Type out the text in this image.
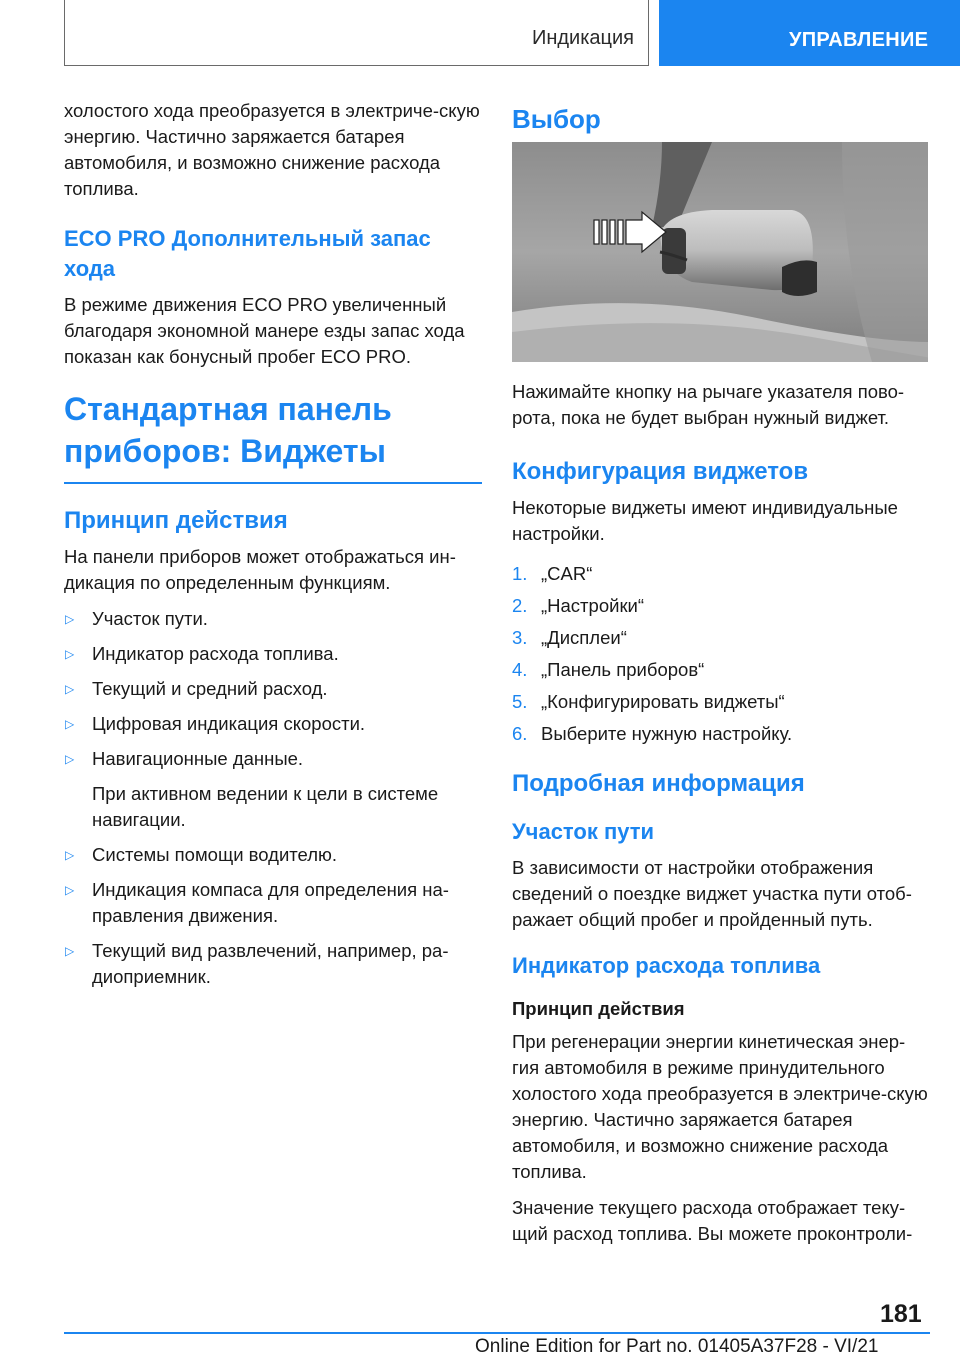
Индикация	УПРАВЛЕНИЕ

холостого хода преобразуется в электриче-скую энергию. Частично заряжается батарея автомобиля, и возможно снижение расхода топлива.

ECO PRO Дополнительный запас хода

В режиме движения ECO PRO увеличенный благодаря экономной манере езды запас хода показан как бонусный пробег ECO PRO.

Стандартная панель приборов: Виджеты
Принцип действия

На панели приборов может отображаться ин-дикация по определенным функциям.

▷ Участок пути.
▷ Индикатор расхода топлива.
▷ Текущий и средний расход.
▷ Цифровая индикация скорости.
▷ Навигационные данные.
При активном ведении к цели в системе навигации.
▷ Системы помощи водителю.
▷ Индикация компаса для определения на-правления движения.
▷ Текущий вид развлечений, например, ра-диоприемник.
Выбор

Нажимайте кнопку на рычаге указателя пово-рота, пока не будет выбран нужный виджет.

Конфигурация виджетов

Некоторые виджеты имеют индивидуальные настройки.

1. „CAR“
2. „Настройки“
3. „Дисплеи“
4. „Панель приборов“
5. „Конфигурировать виджеты“
6. Выберите нужную настройку.
Подробная информация
Участок пути

В зависимости от настройки отображения сведений о поездке виджет участка пути отоб-ражает общий пробег и пройденный путь.

Индикатор расхода топлива
Принцип действия

При регенерации энергии кинетическая энер-гия автомобиля в режиме принудительного холостого хода преобразуется в электриче-скую энергию. Частично заряжается батарея автомобиля, и возможно снижение расхода топлива.

Значение текущего расхода отображает теку-щий расход топлива. Вы можете проконтроли-

181
Online Edition for Part no. 01405A37F28 - VI/21
